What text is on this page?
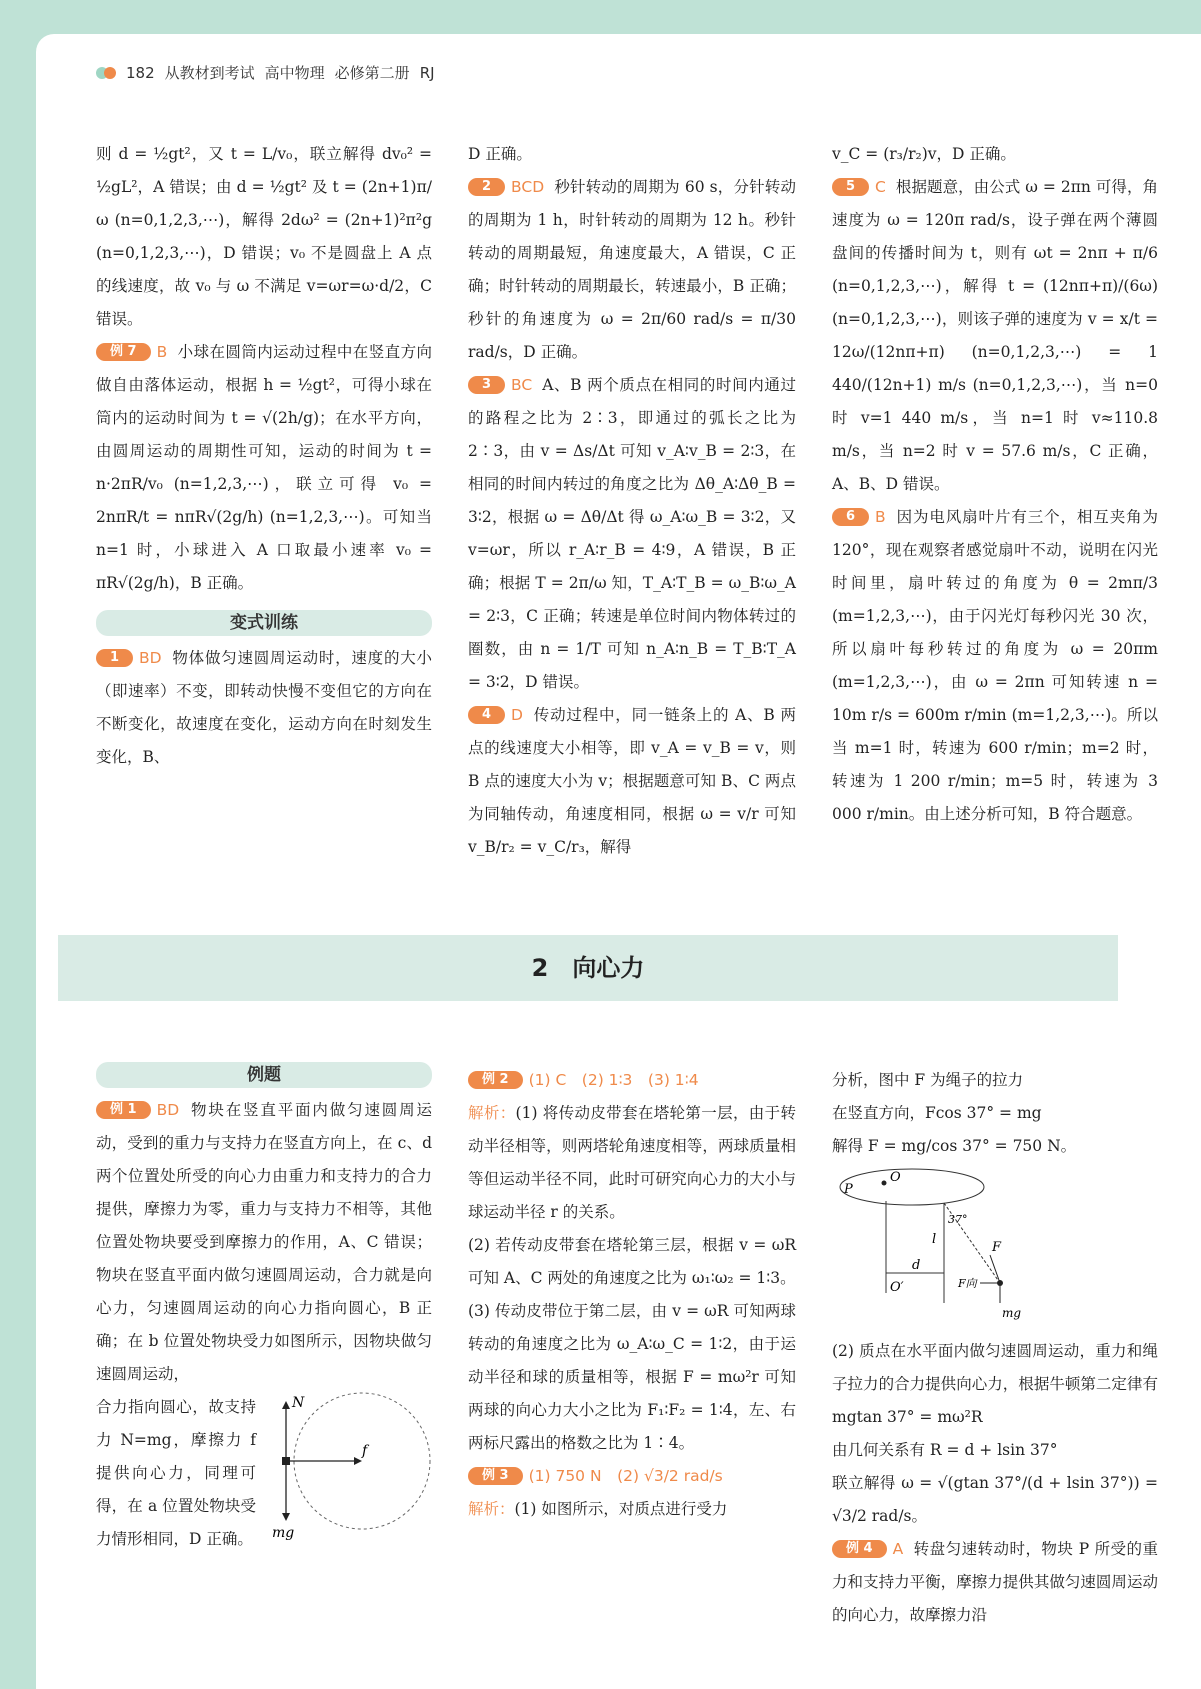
182 从教材到考试 高中物理 必修第二册 RJ

则 d = ½gt²，又 t = L/v₀，联立解得 dv₀² = ½gL²，A 错误；由 d = ½gt² 及 t = (2n+1)π/ω (n=0,1,2,3,⋯)，解得 2dω² = (2n+1)²π²g (n=0,1,2,3,⋯)，D 错误；v₀ 不是圆盘上 A 点的线速度，故 v₀ 与 ω 不满足 v=ωr=ω·d/2，C 错误。

例 7 B 小球在圆筒内运动过程中在竖直方向做自由落体运动，根据 h = ½gt²，可得小球在筒内的运动时间为 t = √(2h/g)；在水平方向，由圆周运动的周期性可知，运动的时间为 t = n·2πR/v₀ (n=1,2,3,⋯)，联立可得 v₀ = 2nπR/t = nπR√(2g/h) (n=1,2,3,⋯)。可知当 n=1 时，小球进入 A 口取最小速率 v₀ = πR√(2g/h)，B 正确。

变式训练

1 BD 物体做匀速圆周运动时，速度的大小（即速率）不变，即转动快慢不变但它的方向在不断变化，故速度在变化，运动方向在时刻发生变化，B、

D 正确。

2 BCD 秒针转动的周期为 60 s，分针转动的周期为 1 h，时针转动的周期为 12 h。秒针转动的周期最短，角速度最大，A 错误，C 正确；时针转动的周期最长，转速最小，B 正确；秒针的角速度为 ω = 2π/60 rad/s = π/30 rad/s，D 正确。

3 BC A、B 两个质点在相同的时间内通过的路程之比为 2∶3，即通过的弧长之比为 2∶3，由 v = Δs/Δt 可知 v_A∶v_B = 2∶3，在相同的时间内转过的角度之比为 Δθ_A∶Δθ_B = 3∶2，根据 ω = Δθ/Δt 得 ω_A∶ω_B = 3∶2，又 v=ωr，所以 r_A∶r_B = 4∶9，A 错误，B 正确；根据 T = 2π/ω 知，T_A∶T_B = ω_B∶ω_A = 2∶3，C 正确；转速是单位时间内物体转过的圈数，由 n = 1/T 可知 n_A∶n_B = T_B∶T_A = 3∶2，D 错误。

4 D 传动过程中，同一链条上的 A、B 两点的线速度大小相等，即 v_A = v_B = v，则 B 点的速度大小为 v；根据题意可知 B、C 两点为同轴传动，角速度相同，根据 ω = v/r 可知 v_B/r₂ = v_C/r₃，解得

v_C = (r₃/r₂)v，D 正确。

5 C 根据题意，由公式 ω = 2πn 可得，角速度为 ω = 120π rad/s，设子弹在两个薄圆盘间的传播时间为 t，则有 ωt = 2nπ + π/6 (n=0,1,2,3,⋯)，解得 t = (12nπ+π)/(6ω) (n=0,1,2,3,⋯)，则该子弹的速度为 v = x/t = 12ω/(12nπ+π) (n=0,1,2,3,⋯) = 1 440/(12n+1) m/s (n=0,1,2,3,⋯)，当 n=0 时 v=1 440 m/s，当 n=1 时 v≈110.8 m/s，当 n=2 时 v = 57.6 m/s，C 正确，A、B、D 错误。

6 B 因为电风扇叶片有三个，相互夹角为 120°，现在观察者感觉扇叶不动，说明在闪光时间里，扇叶转过的角度为 θ = 2mπ/3 (m=1,2,3,⋯)，由于闪光灯每秒闪光 30 次，所以扇叶每秒转过的角度为 ω = 20πm (m=1,2,3,⋯)，由 ω = 2πn 可知转速 n = 10m r/s = 600m r/min (m=1,2,3,⋯)。所以当 m=1 时，转速为 600 r/min；m=2 时，转速为 1 200 r/min；m=5 时，转速为 3 000 r/min。由上述分析可知，B 符合题意。

2　向心力
例题

例 1 BD 物块在竖直平面内做匀速圆周运动，受到的重力与支持力在竖直方向上，在 c、d 两个位置处所受的向心力由重力和支持力的合力提供，摩擦力为零，重力与支持力不相等，其他位置处物块要受到摩擦力的作用，A、C 错误；物块在竖直平面内做匀速圆周运动，合力就是向心力，匀速圆周运动的向心力指向圆心，B 正确；在 b 位置处物块受力如图所示，因物块做匀速圆周运动，

合力指向圆心，故支持力 N=mg，摩擦力 f 提供向心力，同理可得，在 a 位置处物块受力情形相同，D 正确。

N
f
mg

例 2 (1) C　(2) 1∶3　(3) 1∶4

解析：(1) 将传动皮带套在塔轮第一层，由于转动半径相等，则两塔轮角速度相等，两球质量相等但运动半径不同，此时可研究向心力的大小与球运动半径 r 的关系。

(2) 若传动皮带套在塔轮第三层，根据 v = ωR 可知 A、C 两处的角速度之比为 ω₁∶ω₂ = 1∶3。

(3) 传动皮带位于第二层，由 v = ωR 可知两球转动的角速度之比为 ω_A∶ω_C = 1∶2，由于运动半径和球的质量相等，根据 F = mω²r 可知两球的向心力大小之比为 F₁∶F₂ = 1∶4，左、右两标尺露出的格数之比为 1∶4。

例 3 (1) 750 N　(2) √3/2 rad/s

解析：(1) 如图所示，对质点进行受力

分析，图中 F 为绳子的拉力

在竖直方向，Fcos 37° = mg

解得 F = mg/cos 37° = 750 N。

P
O
O′
l
37°
d
F
F向
mg

(2) 质点在水平面内做匀速圆周运动，重力和绳子拉力的合力提供向心力，根据牛顿第二定律有 mgtan 37° = mω²R

由几何关系有 R = d + lsin 37°

联立解得 ω = √(gtan 37°/(d + lsin 37°)) = √3/2 rad/s。

例 4 A 转盘匀速转动时，物块 P 所受的重力和支持力平衡，摩擦力提供其做匀速圆周运动的向心力，故摩擦力沿
